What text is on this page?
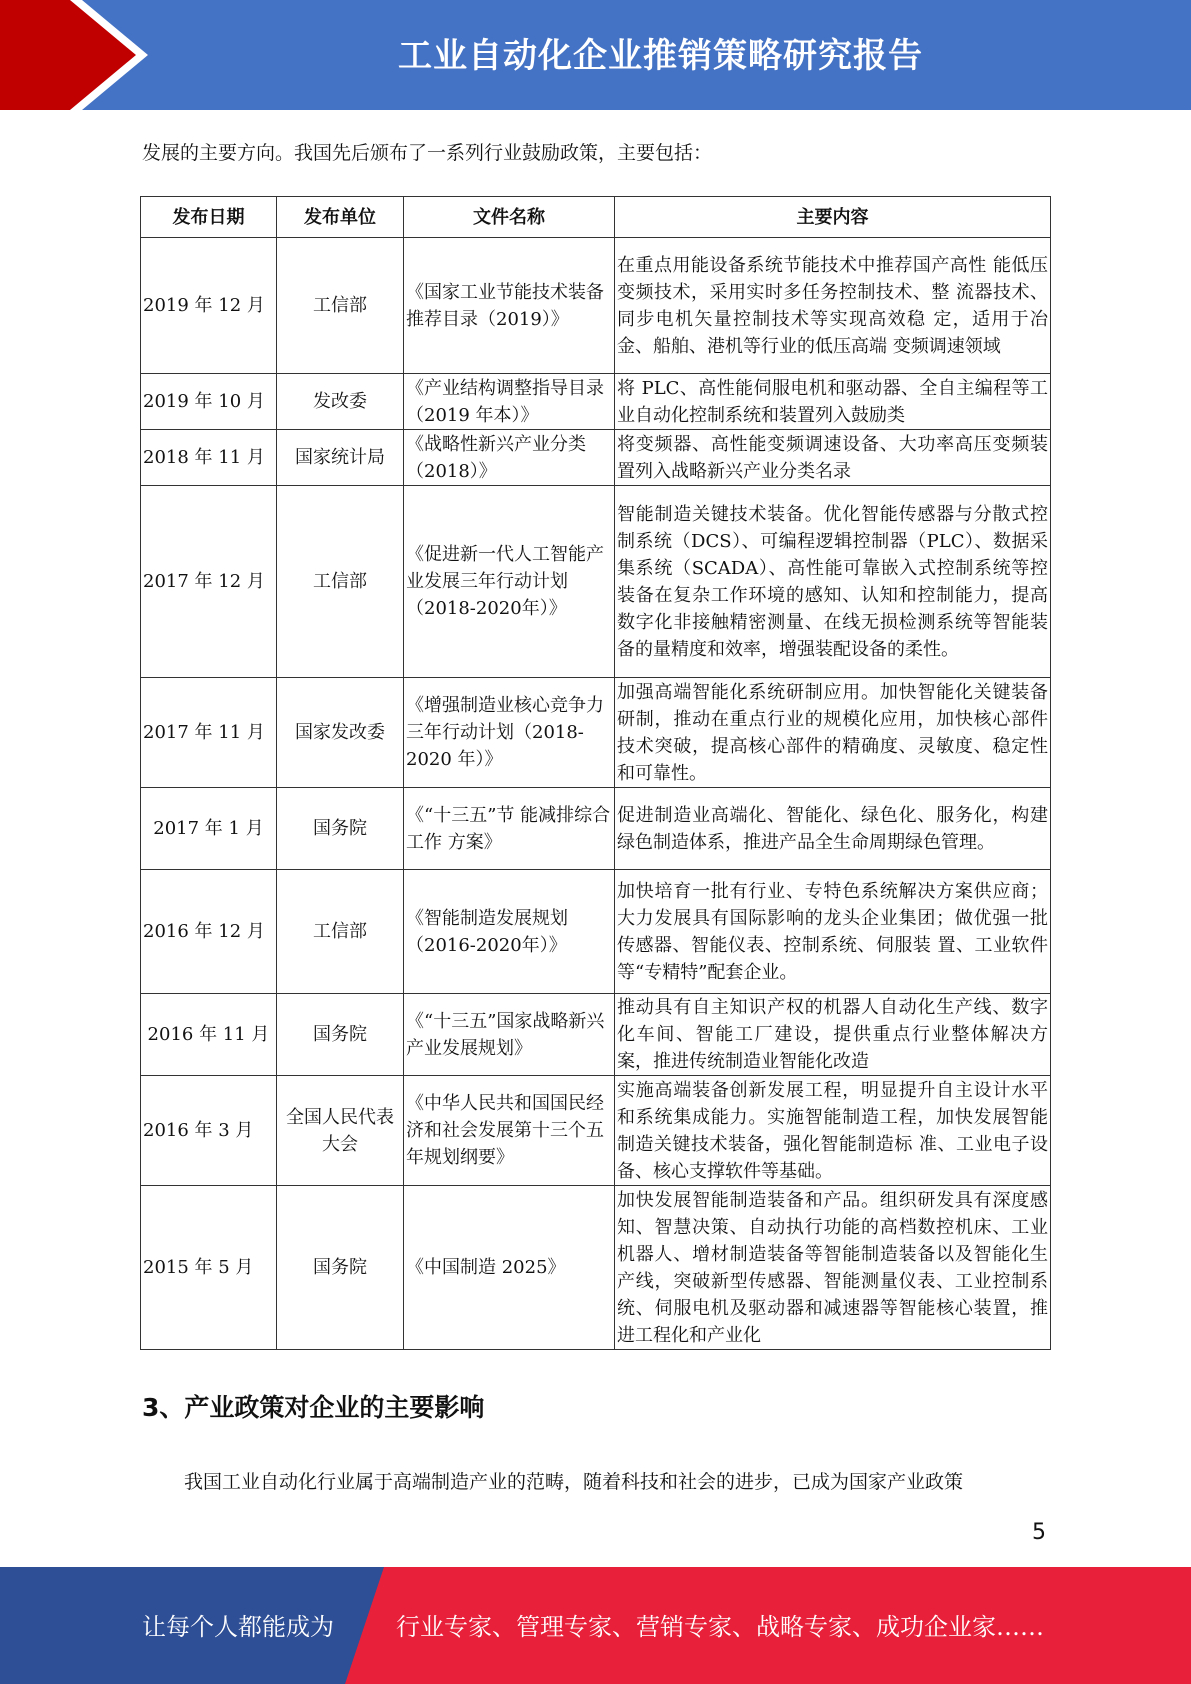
工业自动化企业推销策略研究报告
发展的主要方向。我国先后颁布了一系列行业鼓励政策，主要包括：
发布日期	发布单位	文件名称	主要内容
2019 年 12 月	工信部	《国家工业节能技术装备推荐目录（2019）》	在重点用能设备系统节能技术中推荐国产高性 能低压变频技术，采用实时多任务控制技术、整 流器技术、同步电机矢量控制技术等实现高效稳 定，适用于冶金、船舶、港机等行业的低压高端 变频调速领域
2019 年 10 月	发改委	《产业结构调整指导目录（2019 年本）》	将 PLC、高性能伺服电机和驱动器、全自主编程等工业自动化控制系统和装置列入鼓励类
2018 年 11 月	国家统计局	《战略性新兴产业分类（2018）》	将变频器、高性能变频调速设备、大功率高压变频装置列入战略新兴产业分类名录
2017 年 12 月	工信部	《促进新一代人工智能产业发展三年行动计划（2018-2020年）》	智能制造关键技术装备。优化智能传感器与分散式控制系统（DCS）、可编程逻辑控制器（PLC）、数据采集系统（SCADA）、高性能可靠嵌入式控制系统等控装备在复杂工作环境的感知、认知和控制能力，提高数字化非接触精密测量、在线无损检测系统等智能装备的量精度和效率，增强装配设备的柔性。
2017 年 11 月	国家发改委	《增强制造业核心竞争力三年行动计划（2018-2020 年）》	加强高端智能化系统研制应用。加快智能化关键装备研制，推动在重点行业的规模化应用，加快核心部件技术突破，提高核心部件的精确度、灵敏度、稳定性和可靠性。
2017 年 1 月	国务院	《“十三五”节 能减排综合工作 方案》	促进制造业高端化、智能化、绿色化、服务化，构建绿色制造体系，推进产品全生命周期绿色管理。
2016 年 12 月	工信部	《智能制造发展规划（2016-2020年）》	加快培育一批有行业、专特色系统解决方案供应商；大力发展具有国际影响的龙头企业集团；做优强一批传感器、智能仪表、控制系统、伺服装 置、工业软件等“专精特”配套企业。
2016 年 11 月	国务院	《“十三五”国家战略新兴产业发展规划》	推动具有自主知识产权的机器人自动化生产线、数字化车间、智能工厂建设，提供重点行业整体解决方案，推进传统制造业智能化改造
2016 年 3 月	全国人民代表大会	《中华人民共和国国民经济和社会发展第十三个五年规划纲要》	实施高端装备创新发展工程，明显提升自主设计水平和系统集成能力。实施智能制造工程，加快发展智能制造关键技术装备，强化智能制造标 准、工业电子设备、核心支撑软件等基础。
2015 年 5 月	国务院	《中国制造 2025》	加快发展智能制造装备和产品。组织研发具有深度感知、智慧决策、自动执行功能的高档数控机床、工业机器人、增材制造装备等智能制造装备以及智能化生产线，突破新型传感器、智能测量仪表、工业控制系统、伺服电机及驱动器和减速器等智能核心装置，推进工程化和产业化
3、产业政策对企业的主要影响
我国工业自动化行业属于高端制造产业的范畴，随着科技和社会的进步，已成为国家产业政策
5
让每个人都能成为	行业专家、管理专家、营销专家、战略专家、成功企业家……
